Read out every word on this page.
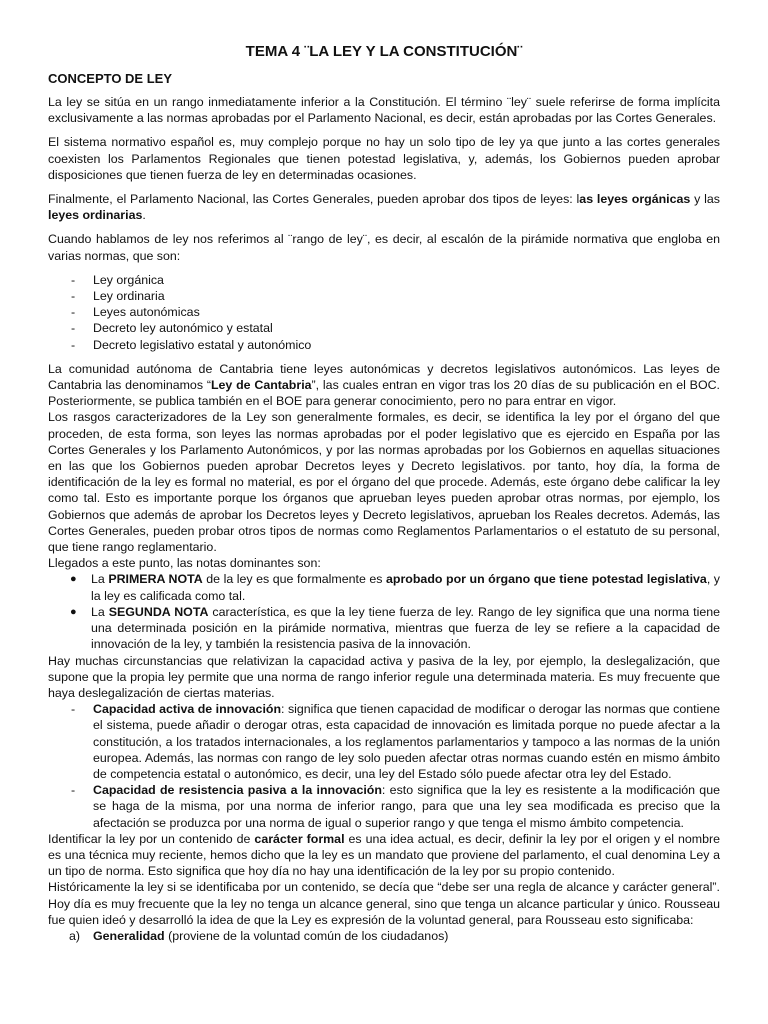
TEMA 4 ¨LA LEY Y LA CONSTITUCIÓN¨
CONCEPTO DE LEY

La ley se sitúa en un rango inmediatamente inferior a la Constitución. El término ¨ley¨ suele referirse de forma implícita exclusivamente a las normas aprobadas por el Parlamento Nacional, es decir, están aprobadas por las Cortes Generales.

El sistema normativo español es, muy complejo porque no hay un solo tipo de ley ya que junto a las cortes generales coexisten los Parlamentos Regionales que tienen potestad legislativa, y, además, los Gobiernos pueden aprobar disposiciones que tienen fuerza de ley en determinadas ocasiones.

Finalmente, el Parlamento Nacional, las Cortes Generales, pueden aprobar dos tipos de leyes: las leyes orgánicas y las leyes ordinarias.

Cuando hablamos de ley nos referimos al ¨rango de ley¨, es decir, al escalón de la pirámide normativa que engloba en varias normas, que son:

- Ley orgánica
- Ley ordinaria
- Leyes autonómicas
- Decreto ley autonómico y estatal
- Decreto legislativo estatal y autonómico

La comunidad autónoma de Cantabria tiene leyes autonómicas y decretos legislativos autonómicos. Las leyes de Cantabria las denominamos “Ley de Cantabria”, las cuales entran en vigor tras los 20 días de su publicación en el BOC. Posteriormente, se publica también en el BOE para generar conocimiento, pero no para entrar en vigor.

Los rasgos caracterizadores de la Ley son generalmente formales, es decir, se identifica la ley por el órgano del que proceden, de esta forma, son leyes las normas aprobadas por el poder legislativo que es ejercido en España por las Cortes Generales y los Parlamento Autonómicos, y por las normas aprobadas por los Gobiernos en aquellas situaciones en las que los Gobiernos pueden aprobar Decretos leyes y Decreto legislativos. por tanto, hoy día, la forma de identificación de la ley es formal no material, es por el órgano del que procede. Además, este órgano debe calificar la ley como tal. Esto es importante porque los órganos que aprueban leyes pueden aprobar otras normas, por ejemplo, los Gobiernos que además de aprobar los Decretos leyes y Decreto legislativos, aprueban los Reales decretos. Además, las Cortes Generales, pueden probar otros tipos de normas como Reglamentos Parlamentarios o el estatuto de su personal, que tiene rango reglamentario.

Llegados a este punto, las notas dominantes son:

● La PRIMERA NOTA de la ley es que formalmente es aprobado por un órgano que tiene potestad legislativa, y la ley es calificada como tal.
● La SEGUNDA NOTA característica, es que la ley tiene fuerza de ley. Rango de ley significa que una norma tiene una determinada posición en la pirámide normativa, mientras que fuerza de ley se refiere a la capacidad de innovación de la ley, y también la resistencia pasiva de la innovación.

Hay muchas circunstancias que relativizan la capacidad activa y pasiva de la ley, por ejemplo, la deslegalización, que supone que la propia ley permite que una norma de rango inferior regule una determinada materia. Es muy frecuente que haya deslegalización de ciertas materias.

- Capacidad activa de innovación: significa que tienen capacidad de modificar o derogar las normas que contiene el sistema, puede añadir o derogar otras, esta capacidad de innovación es limitada porque no puede afectar a la constitución, a los tratados internacionales, a los reglamentos parlamentarios y tampoco a las normas de la unión europea. Además, las normas con rango de ley solo pueden afectar otras normas cuando estén en mismo ámbito de competencia estatal o autonómico, es decir, una ley del Estado sólo puede afectar otra ley del Estado.
- Capacidad de resistencia pasiva a la innovación: esto significa que la ley es resistente a la modificación que se haga de la misma, por una norma de inferior rango, para que una ley sea modificada es preciso que la afectación se produzca por una norma de igual o superior rango y que tenga el mismo ámbito competencia.

Identificar la ley por un contenido de carácter formal es una idea actual, es decir, definir la ley por el origen y el nombre es una técnica muy reciente, hemos dicho que la ley es un mandato que proviene del parlamento, el cual denomina Ley a un tipo de norma. Esto significa que hoy día no hay una identificación de la ley por su propio contenido.

Históricamente la ley si se identificaba por un contenido, se decía que “debe ser una regla de alcance y carácter general”. Hoy día es muy frecuente que la ley no tenga un alcance general, sino que tenga un alcance particular y único. Rousseau fue quien ideó y desarrolló la idea de que la Ley es expresión de la voluntad general, para Rousseau esto significaba:

a) Generalidad (proviene de la voluntad común de los ciudadanos)
